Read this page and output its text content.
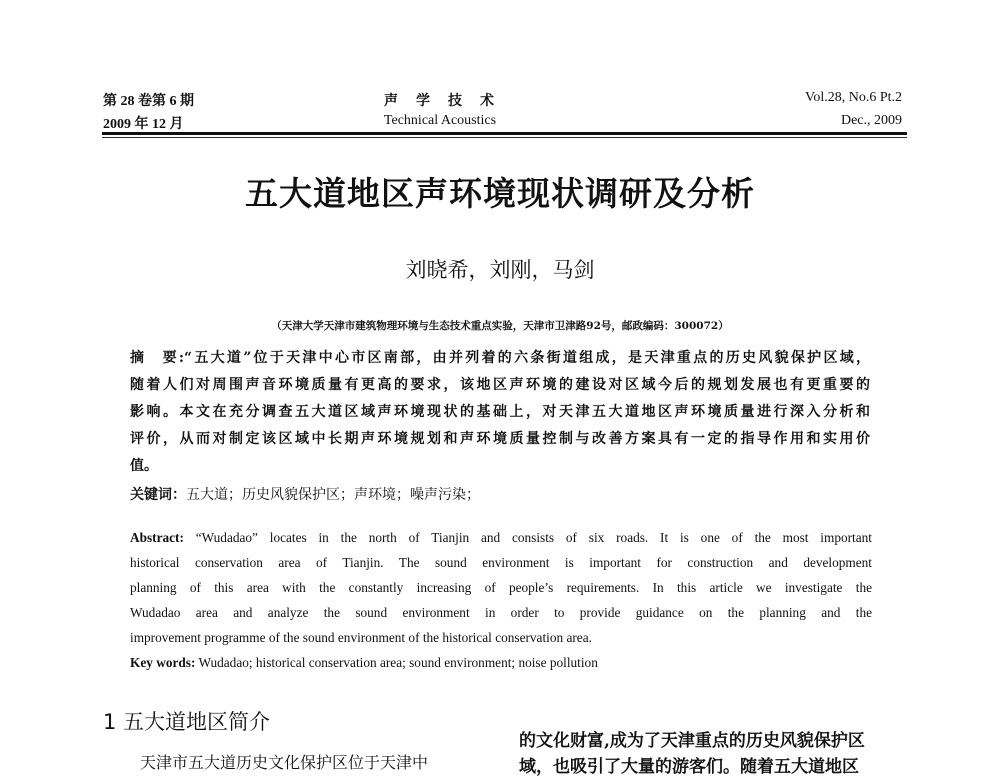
第 28 卷第 6 期
2009 年 12 月
声　学　技　术
Technical Acoustics
Vol.28, No.6 Pt.2
Dec., 2009
五大道地区声环境现状调研及分析
刘晓希，刘刚，马剑
（天津大学天津市建筑物理环境与生态技术重点实验，天津市卫津路92号，邮政编码：300072）
摘　要:“五大道”位于天津中心市区南部，由并列着的六条街道组成，是天津重点的历史风貌保护区域，
随着人们对周围声音环境质量有更高的要求，该地区声环境的建设对区域今后的规划发展也有更重要的
影响。本文在充分调查五大道区域声环境现状的基础上，对天津五大道地区声环境质量进行深入分析和
评价，从而对制定该区域中长期声环境规划和声环境质量控制与改善方案具有一定的指导作用和实用价
值。
关键词：五大道；历史风貌保护区；声环境；噪声污染；
Abstract: “Wudadao” locates in the north of Tianjin and consists of six roads. It is one of the most important
historical conservation area of Tianjin. The sound environment is important for construction and development
planning of this area with the constantly increasing of people’s requirements. In this article we investigate the
Wudadao area and analyze the sound environment in order to provide guidance on the planning and the
improvement programme of the sound environment of the historical conservation area.
Key words: Wudadao; historical conservation area; sound environment; noise pollution
1 五大道地区简介
天津市五大道历史文化保护区位于天津中
的文化财富,成为了天津重点的历史风貌保护区
域，也吸引了大量的游客们。随着五大道地区
